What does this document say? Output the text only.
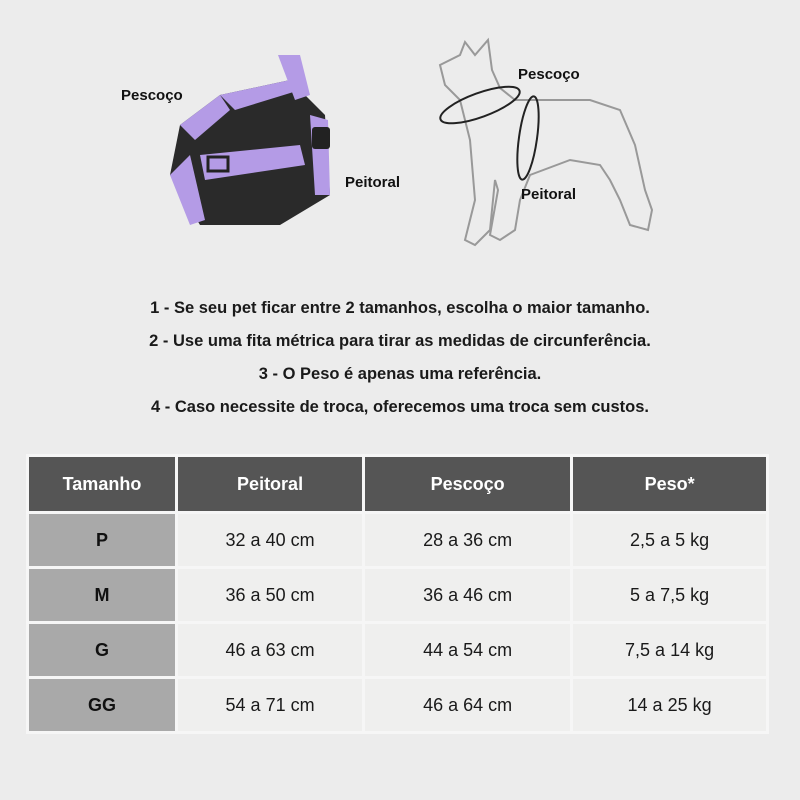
Pescoço
Peitoral
Pescoço
Peitoral
1 - Se seu pet ficar entre 2 tamanhos, escolha o maior tamanho.
2 - Use uma fita métrica para tirar as medidas de circunferência.
3 - O Peso é apenas uma referência.
4 - Caso necessite de troca, oferecemos uma troca sem custos.
Tamanho	Peitoral	Pescoço	Peso*
P	32 a 40 cm	28 a 36 cm	2,5 a 5 kg
M	36 a 50 cm	36 a 46 cm	5 a 7,5 kg
G	46 a 63 cm	44 a 54 cm	7,5 a 14 kg
GG	54 a 71 cm	46 a 64 cm	14 a 25 kg
